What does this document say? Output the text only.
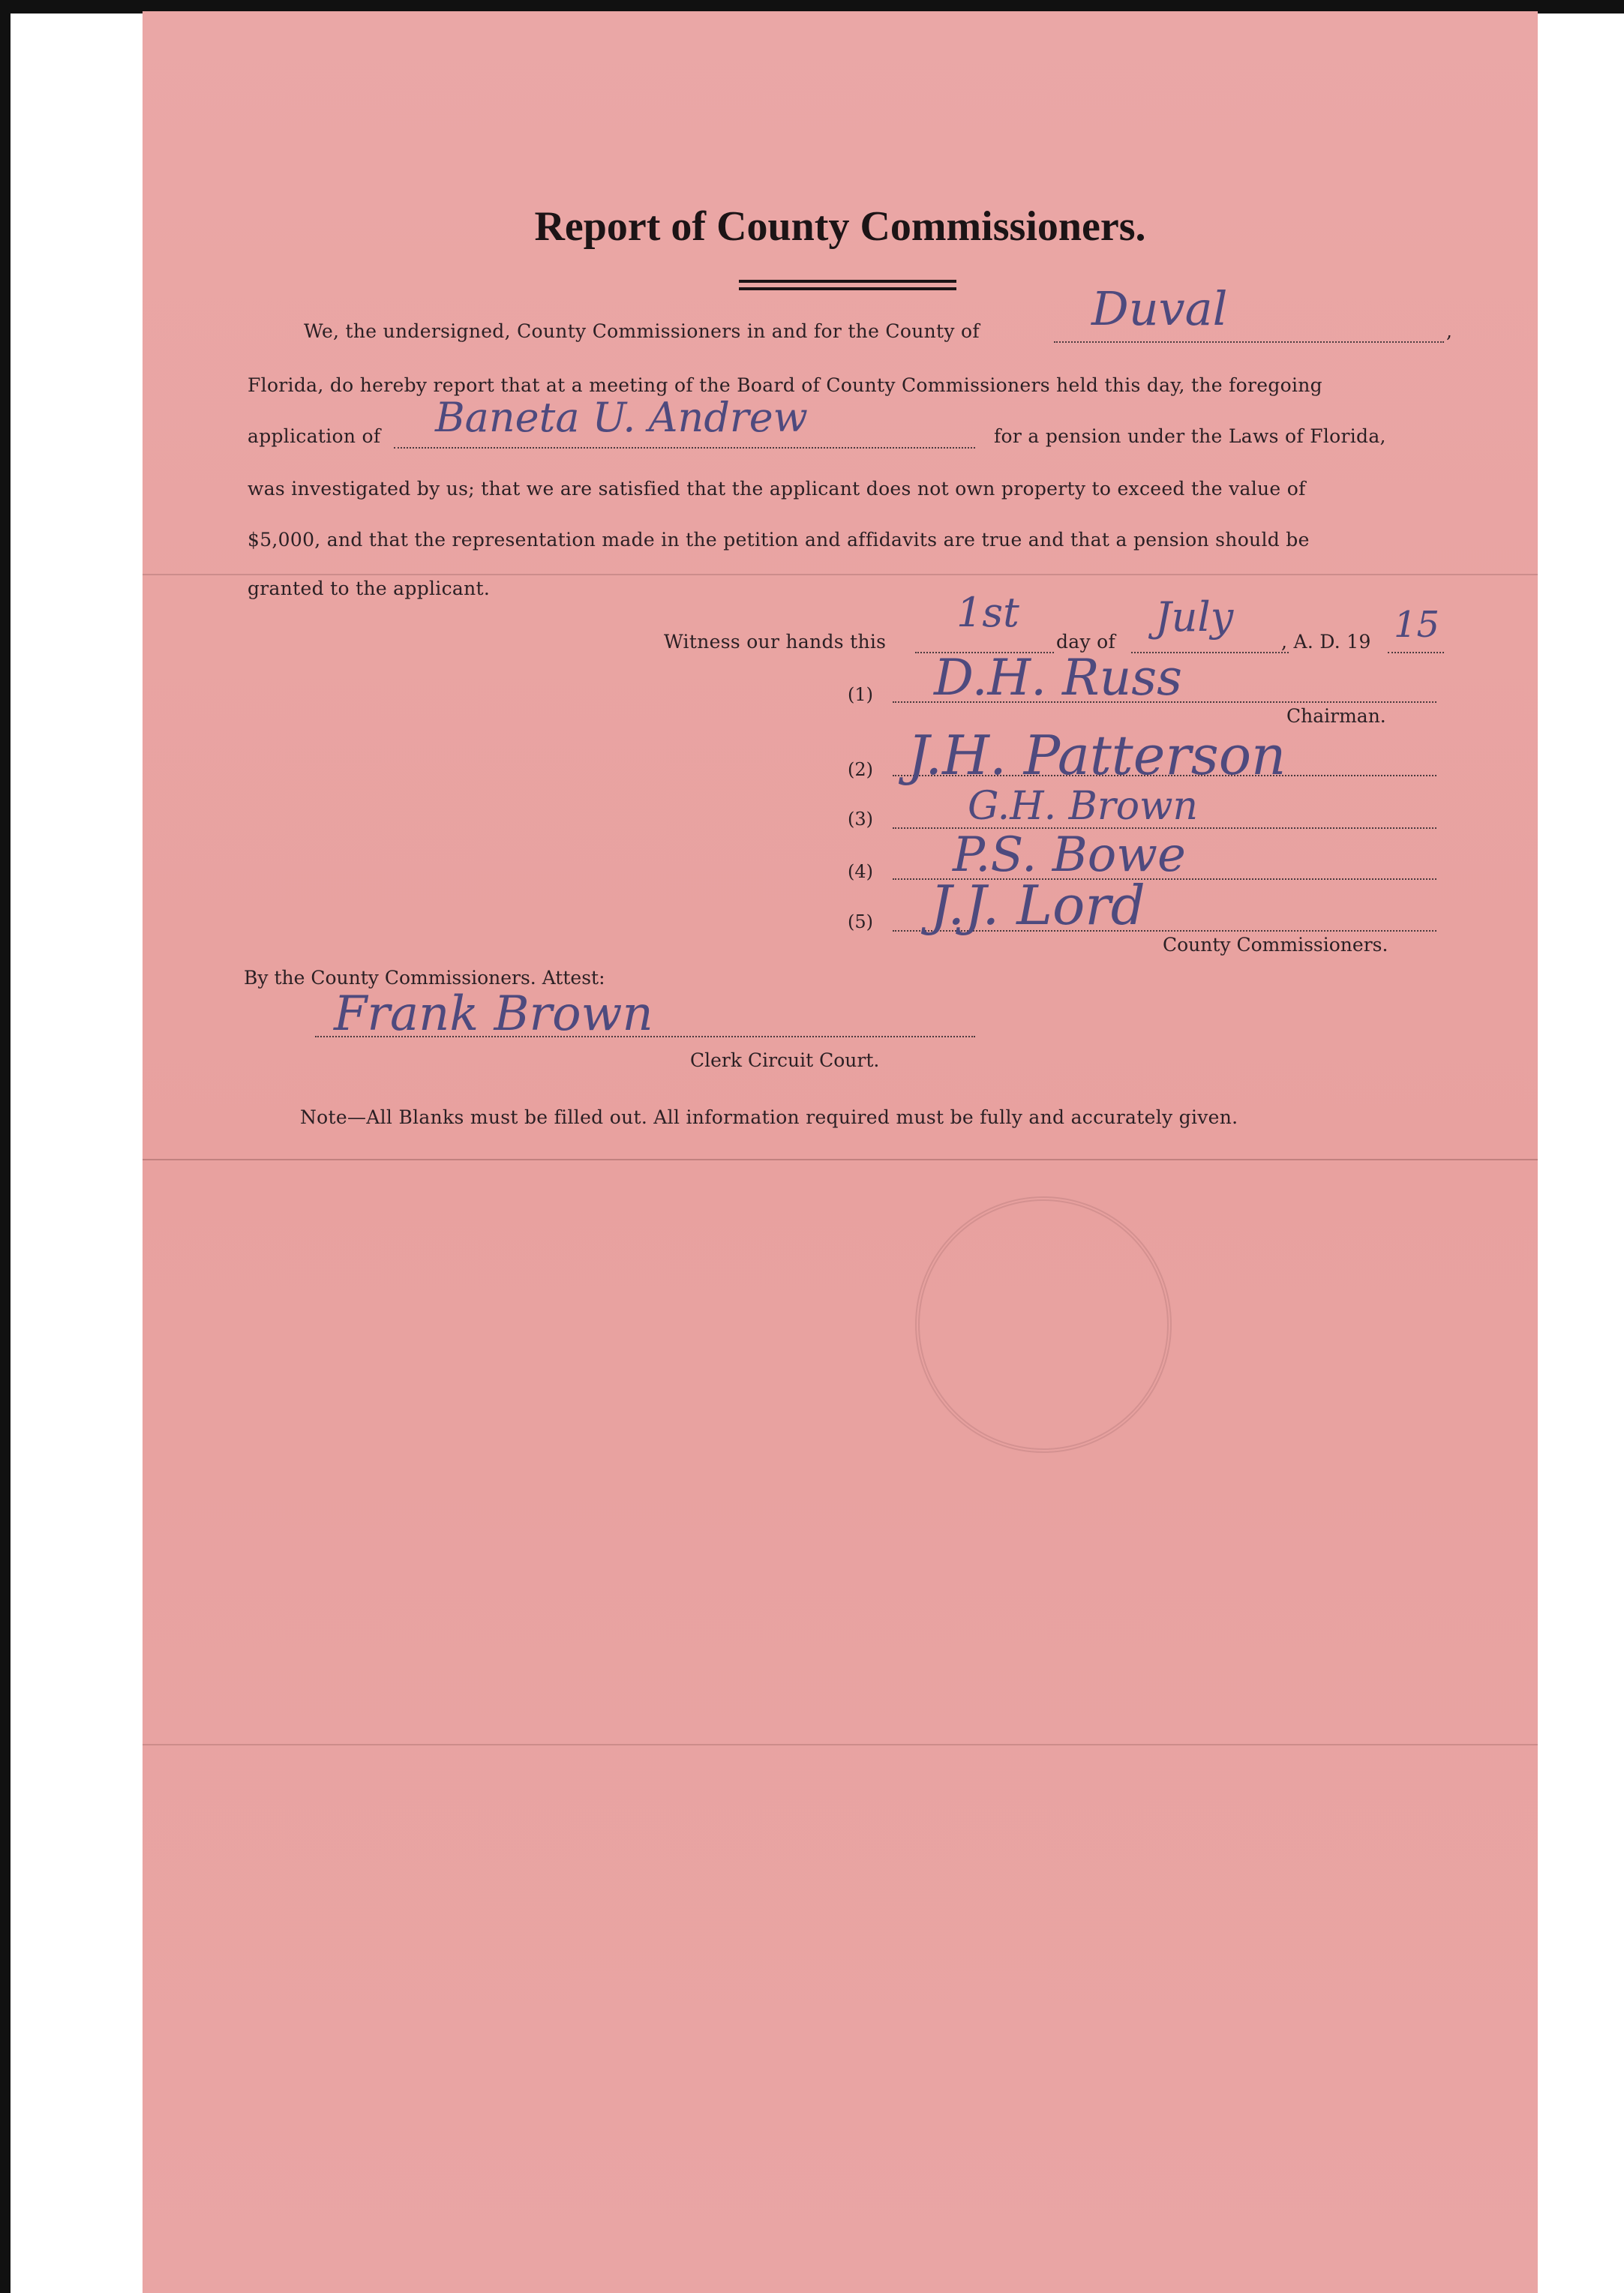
Report of County Commissioners.
We, the undersigned, County Commissioners in and for the County of Duval	,
Florida, do hereby report that at a meeting of the Board of County Commissioners held this day, the foregoing
application of Baneta U. Andrew	for a pension under the Laws of Florida,
was investigated by us; that we are satisfied that the applicant does not own property to exceed the value of
$5,000, and that the representation made in the petition and affidavits are true and that a pension should be
granted to the applicant.
Witness our hands this
1st
day of
July
, A. D. 19 15
(1) D.H. Russ
Chairman.
(2) J.H. Patterson
(3) G.H. Brown
(4) P.S. Bowe
(5) J.J. Lord
County Commissioners.
By the County Commissioners. Attest:
Frank Brown
Clerk Circuit Court.
Note—All Blanks must be filled out. All information required must be fully and accurately given.
